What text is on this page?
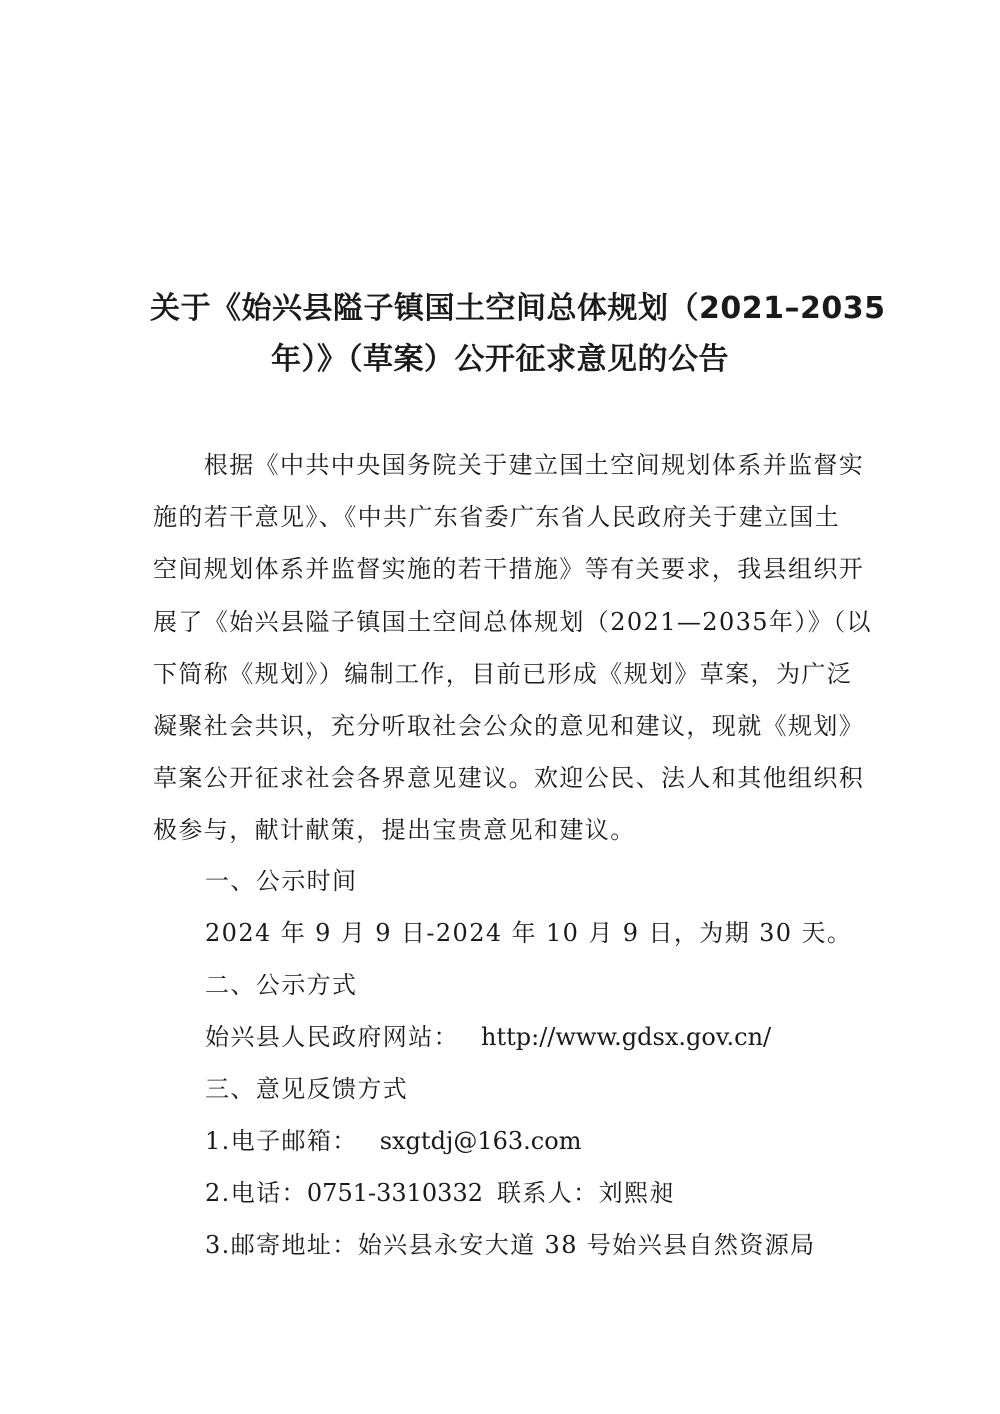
关于《始兴县隘子镇国土空间总体规划（2021–2035
年）》（草案）公开征求意见的公告
　　根据《中共中央国务院关于建立国土空间规划体系并监督实
施的若干意见》、《中共广东省委广东省人民政府关于建立国土
空间规划体系并监督实施的若干措施》等有关要求，我县组织开
展了《始兴县隘子镇国土空间总体规划（2021—2035年）》（以
下简称《规划》）编制工作，目前已形成《规划》草案，为广泛
凝聚社会共识，充分听取社会公众的意见和建议，现就《规划》
草案公开征求社会各界意见建议。欢迎公民、法人和其他组织积
极参与，献计献策，提出宝贵意见和建议。

一、公示时间

2024 年 9 月 9 日-2024 年 10 月 9 日，为期 30 天。

二、公示方式

始兴县人民政府网站： http://www.gdsx.gov.cn/

三、意见反馈方式

1.电子邮箱： sxgtdj@163.com

2.电话：0751-3310332 联系人：刘熙昶

3.邮寄地址：始兴县永安大道 38 号始兴县自然资源局
